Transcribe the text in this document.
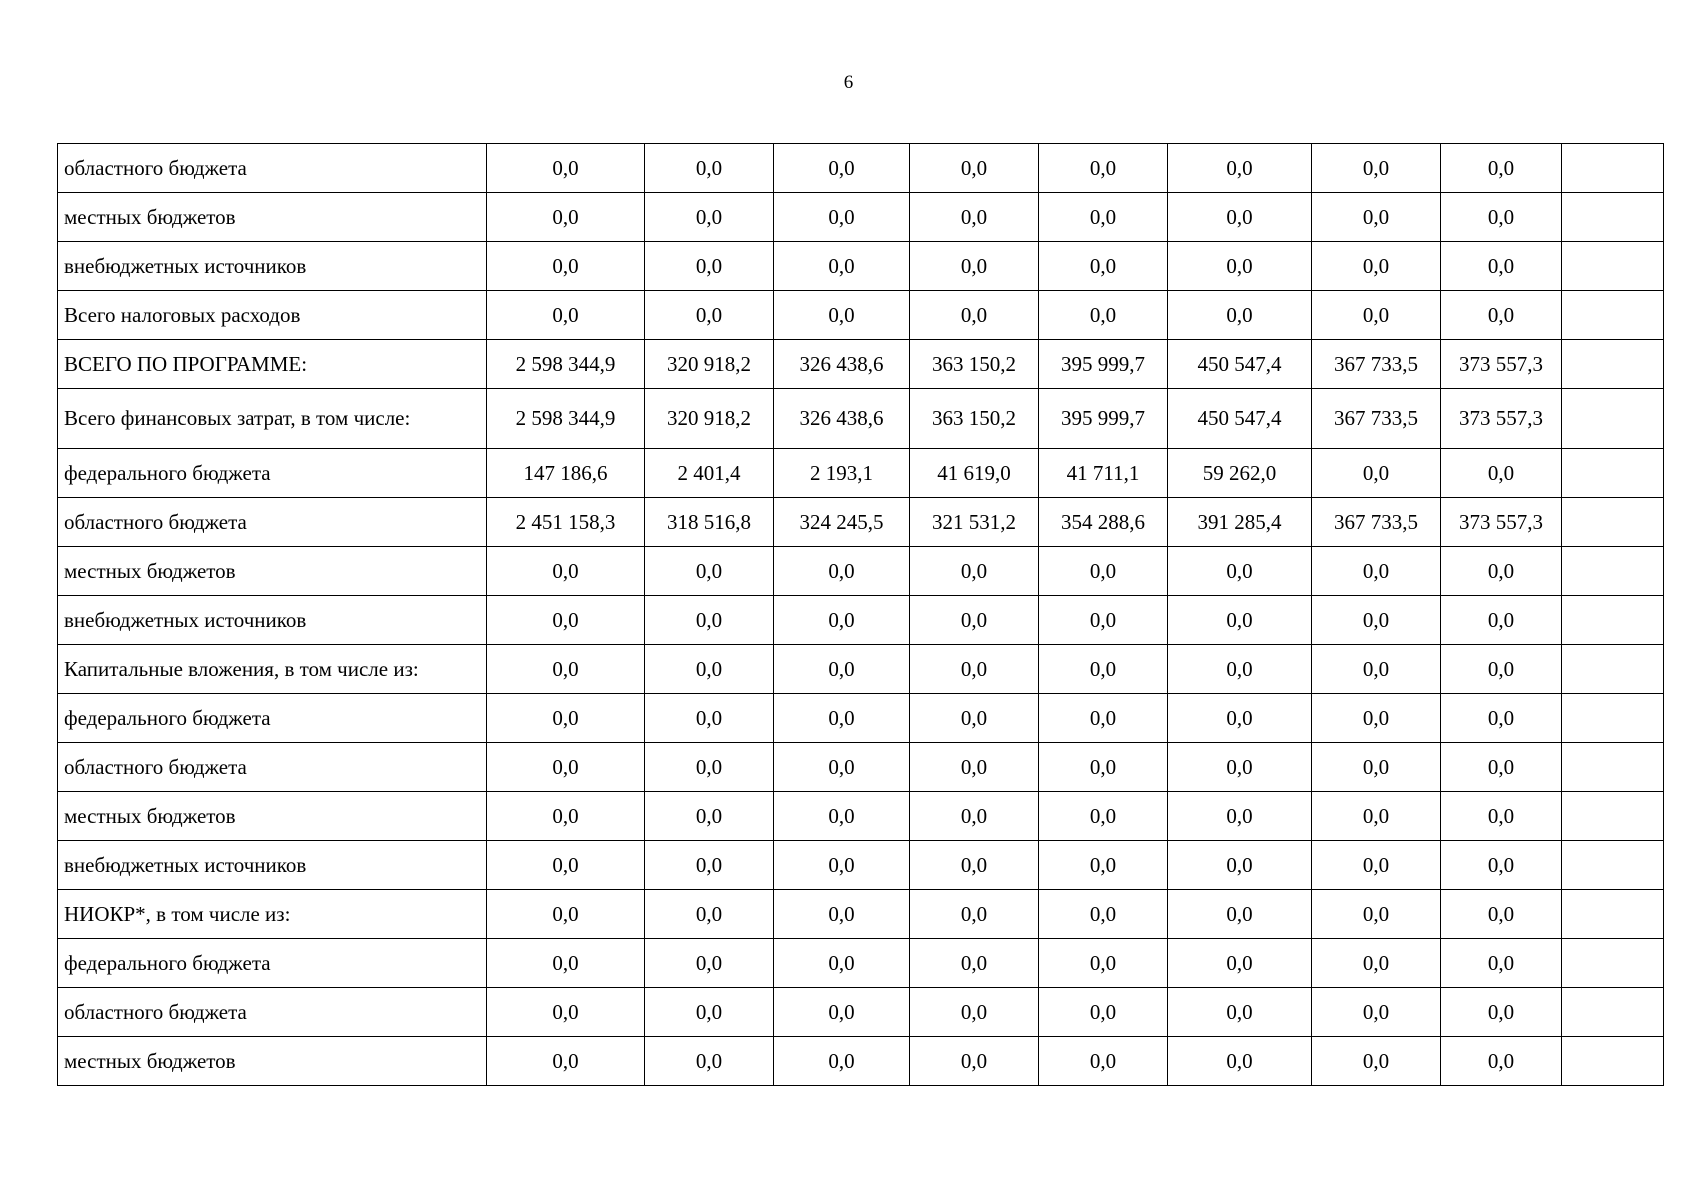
6
областного бюджета	0,0	0,0	0,0	0,0	0,0	0,0	0,0	0,0	
местных бюджетов	0,0	0,0	0,0	0,0	0,0	0,0	0,0	0,0	
внебюджетных источников	0,0	0,0	0,0	0,0	0,0	0,0	0,0	0,0	
Всего налоговых расходов	0,0	0,0	0,0	0,0	0,0	0,0	0,0	0,0	
ВСЕГО ПО ПРОГРАММЕ:	2 598 344,9	320 918,2	326 438,6	363 150,2	395 999,7	450 547,4	367 733,5	373 557,3	
Всего финансовых затрат, в том числе:	2 598 344,9	320 918,2	326 438,6	363 150,2	395 999,7	450 547,4	367 733,5	373 557,3	
федерального бюджета	147 186,6	2 401,4	2 193,1	41 619,0	41 711,1	59 262,0	0,0	0,0	
областного бюджета	2 451 158,3	318 516,8	324 245,5	321 531,2	354 288,6	391 285,4	367 733,5	373 557,3	
местных бюджетов	0,0	0,0	0,0	0,0	0,0	0,0	0,0	0,0	
внебюджетных источников	0,0	0,0	0,0	0,0	0,0	0,0	0,0	0,0	
Капитальные вложения, в том числе из:	0,0	0,0	0,0	0,0	0,0	0,0	0,0	0,0	
федерального бюджета	0,0	0,0	0,0	0,0	0,0	0,0	0,0	0,0	
областного бюджета	0,0	0,0	0,0	0,0	0,0	0,0	0,0	0,0	
местных бюджетов	0,0	0,0	0,0	0,0	0,0	0,0	0,0	0,0	
внебюджетных источников	0,0	0,0	0,0	0,0	0,0	0,0	0,0	0,0	
НИОКР*, в том числе из:	0,0	0,0	0,0	0,0	0,0	0,0	0,0	0,0	
федерального бюджета	0,0	0,0	0,0	0,0	0,0	0,0	0,0	0,0	
областного бюджета	0,0	0,0	0,0	0,0	0,0	0,0	0,0	0,0	
местных бюджетов	0,0	0,0	0,0	0,0	0,0	0,0	0,0	0,0	
